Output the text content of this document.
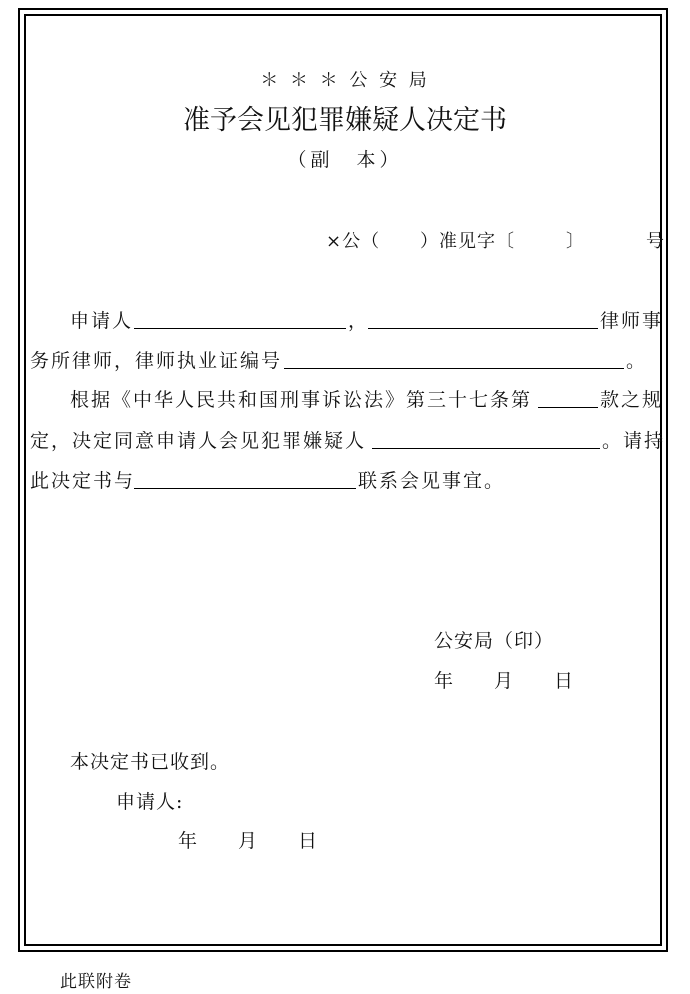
＊ ＊ ＊ 公 安 局
准予会见犯罪嫌疑人决定书
（副　本）
×公（ ）准见字〔	〕	号
申请人	，	律师事
务所律师，律师执业证编号	。
根据《中华人民共和国刑事诉讼法》第三十七条第	款之规
定，决定同意申请人会见犯罪嫌疑人	。请持
此决定书与	联系会见事宜。
公安局（印）
年　　月　　日
本决定书已收到。
申请人:
年　　月　　日
此联附卷
